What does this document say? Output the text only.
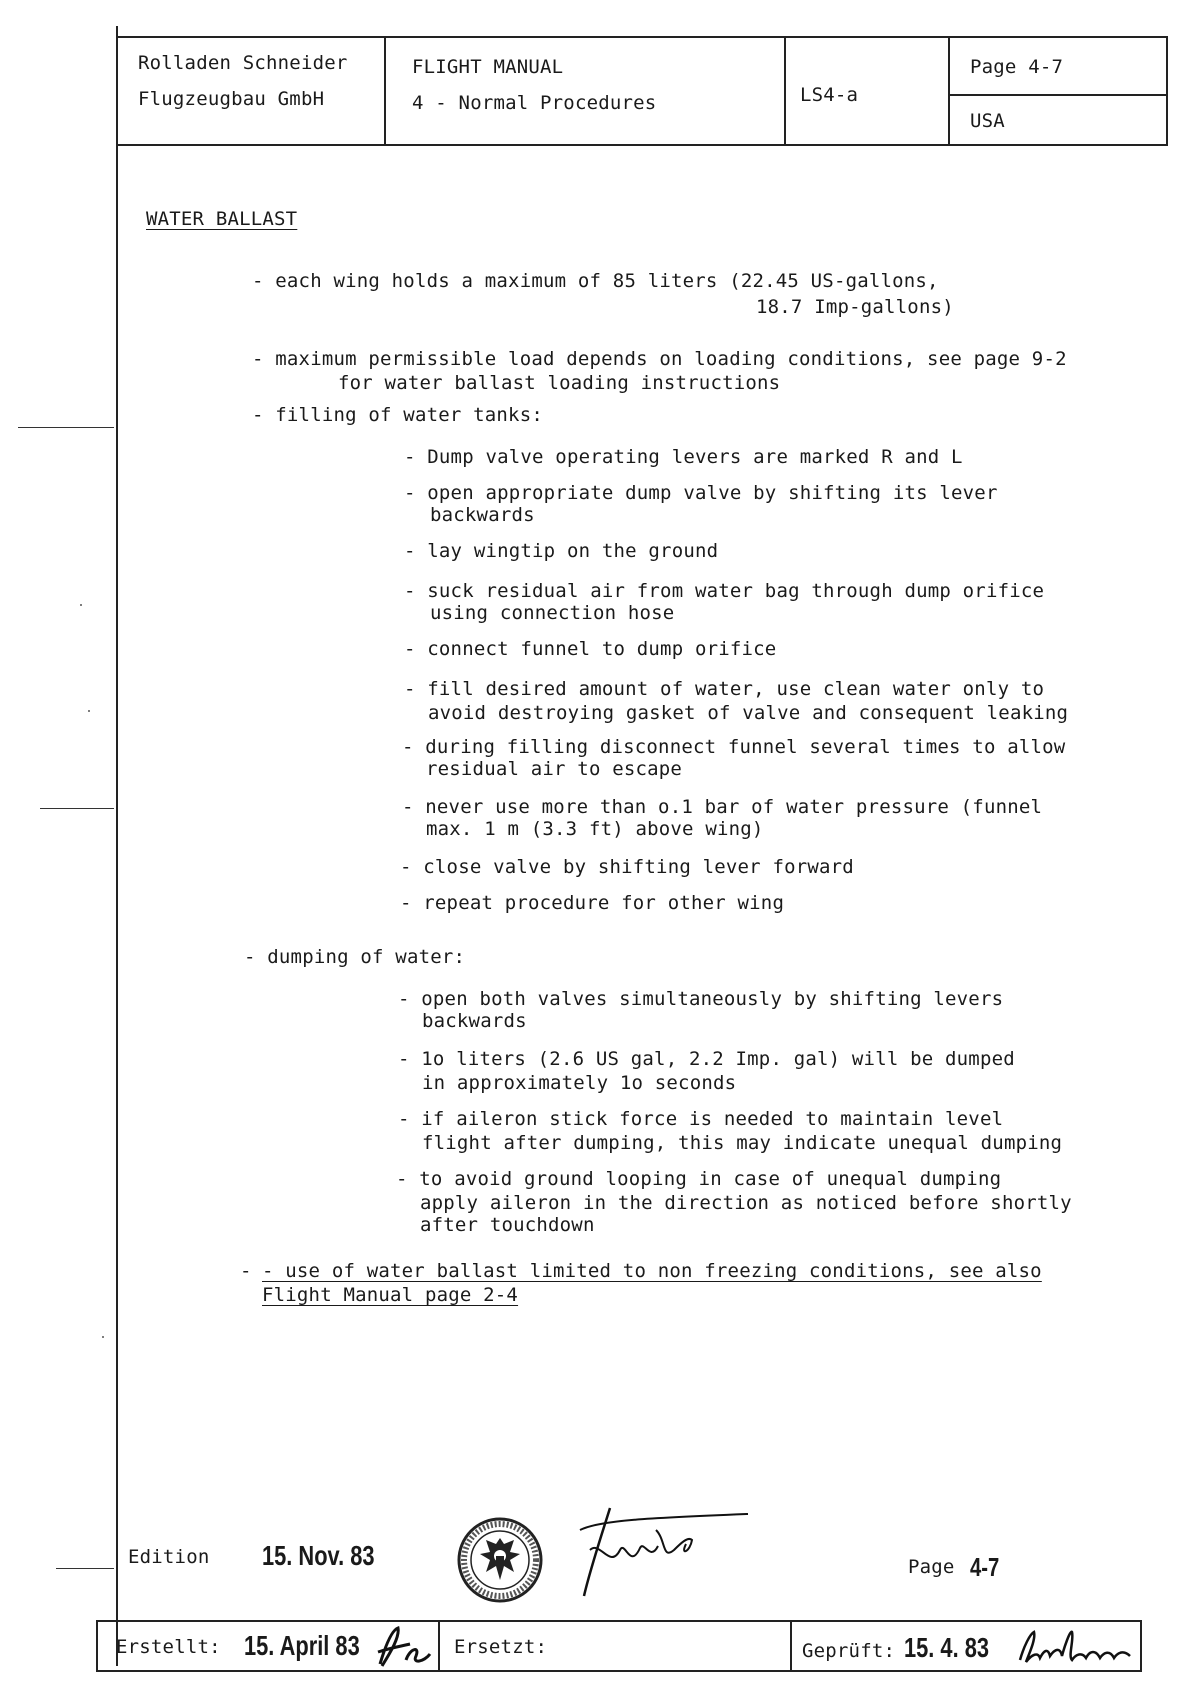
Rolladen Schneider
Flugzeugbau GmbH
FLIGHT MANUAL
4 - Normal Procedures	LS4-a
Page 4-7
USA
WATER BALLAST
- each wing holds a maximum of 85 liters (22.45 US-gallons,
18.7 Imp-gallons)
- maximum permissible load depends on loading conditions, see page 9-2
for water ballast loading instructions
- filling of water tanks:
- Dump valve operating levers are marked R and L
- open appropriate dump valve by shifting its lever
backwards
- lay wingtip on the ground
- suck residual air from water bag through dump orifice
using connection hose
- connect funnel to dump orifice
- fill desired amount of water, use clean water only to
avoid destroying gasket of valve and consequent leaking
- during filling disconnect funnel several times to allow
residual air to escape
- never use more than o.1 bar of water pressure (funnel
max. 1 m (3.3 ft) above wing)
- close valve by shifting lever forward
- repeat procedure for other wing
- dumping of water:
- open both valves simultaneously by shifting levers
backwards
- 1o liters (2.6 US gal, 2.2 Imp. gal) will be dumped
in approximately 1o seconds
- if aileron stick force is needed to maintain level
flight after dumping, this may indicate unequal dumping
- to avoid ground looping in case of unequal dumping
apply aileron in the direction as noticed before shortly
after touchdown
- - use of water ballast limited to non freezing conditions, see also
Flight Manual page 2-4
Edition 15. Nov. 83	Page 4-7
Erstellt: 15. April 83	Ersetzt:	Geprüft: 15. 4. 83
